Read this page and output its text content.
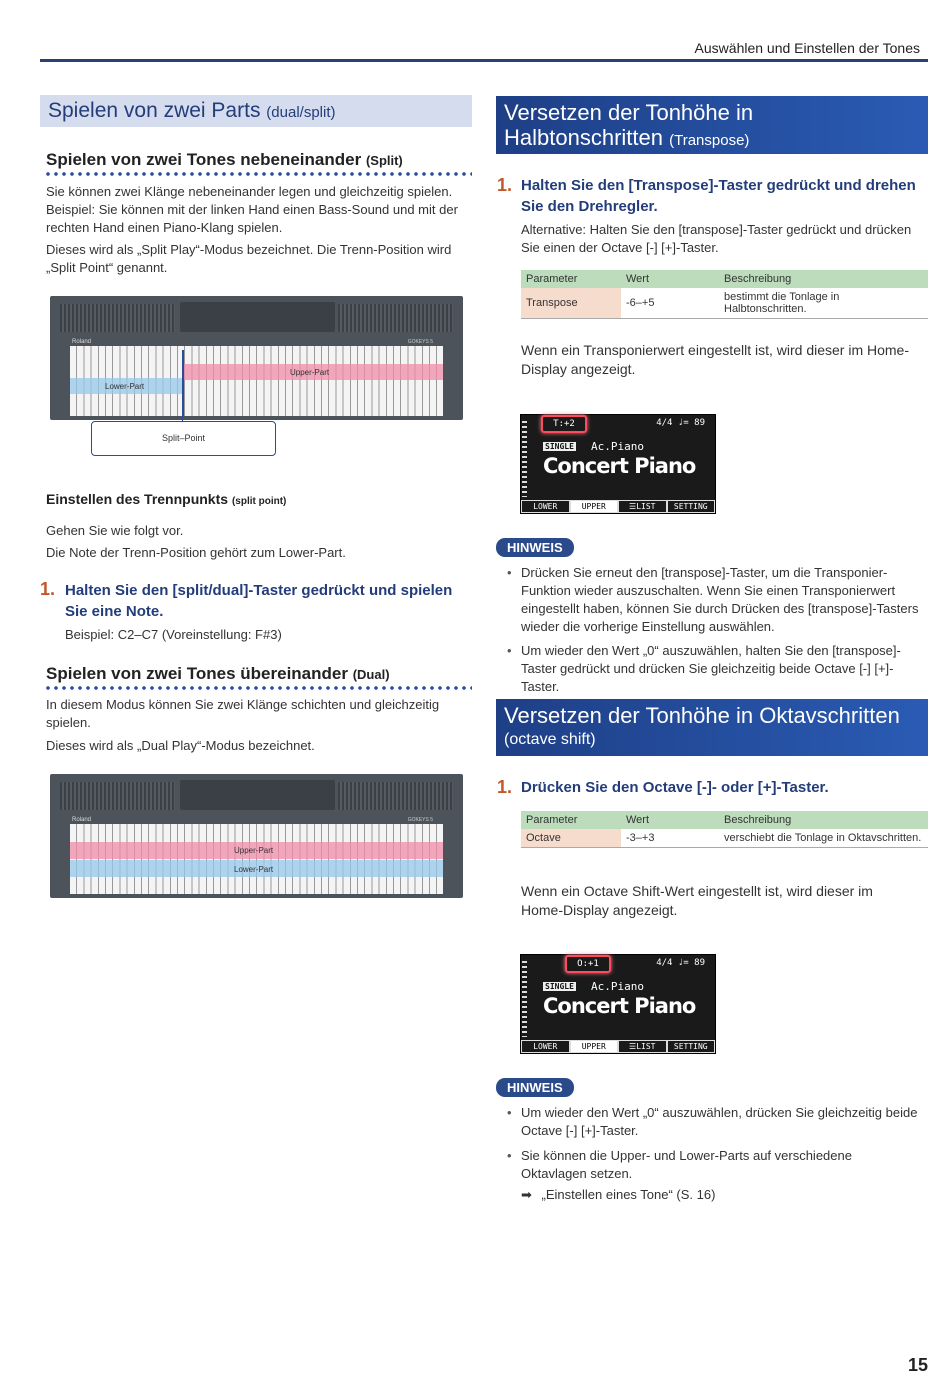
Auswählen und Einstellen der Tones
Spielen von zwei Parts (dual/split)
Spielen von zwei Tones nebeneinander (Split)
Sie können zwei Klänge nebeneinander legen und gleichzeitig spielen. Beispiel: Sie können mit der linken Hand einen Bass-Sound und mit der rechten Hand einen Piano-Klang spielen.
Dieses wird als „Split Play“-Modus bezeichnet. Die Trenn-Position wird „Split Point“ genannt.
Roland	GOKEYS 5
Lower-Part
Upper-Part
Split–Point
Einstellen des Trennpunkts (split point)
Gehen Sie wie folgt vor.
Die Note der Trenn-Position gehört zum Lower-Part.
1. Halten Sie den [split/dual]-Taster gedrückt und spielen Sie eine Note.
Beispiel: C2–C7 (Voreinstellung: F#3)
Spielen von zwei Tones übereinander (Dual)
In diesem Modus können Sie zwei Klänge schichten und gleichzeitig spielen.
Dieses wird als „Dual Play“-Modus bezeichnet.
Roland	GOKEYS 5
Upper-Part
Lower-Part
Versetzen der Tonhöhe in
Halbtonschritten (Transpose)
1. Halten Sie den [Transpose]-Taster gedrückt und drehen Sie den Drehregler.
Alternative: Halten Sie den [transpose]-Taster gedrückt und drücken Sie einen der Octave [-] [+]-Taster.
Parameter	Wert	Beschreibung
Transpose	-6–+5	bestimmt die Tonlage in Halbtonschritten.
Wenn ein Transponierwert eingestellt ist, wird dieser im Home-Display angezeigt.
T:+2	4/4 ♩= 89
SINGLE Ac.Piano
Concert Piano
LOWER	UPPER	☰LIST	SETTING
HINWEIS
• Drücken Sie erneut den [transpose]-Taster, um die Transponier-Funktion wieder auszuschalten. Wenn Sie einen Transponierwert eingestellt haben, können Sie durch Drücken des [transpose]-Tasters wieder die vorherige Einstellung auswählen.
• Um wieder den Wert „0“ auszuwählen, halten Sie den [transpose]-Taster gedrückt und drücken Sie gleichzeitig beide Octave [-] [+]-Taster.
Versetzen der Tonhöhe in Oktavschritten
(octave shift)
1. Drücken Sie den Octave [-]- oder [+]-Taster.
Parameter	Wert	Beschreibung
Octave	-3–+3	verschiebt die Tonlage in Oktavschritten.
Wenn ein Octave Shift-Wert eingestellt ist, wird dieser im Home-Display angezeigt.
O:+1	4/4 ♩= 89
SINGLE Ac.Piano
Concert Piano
LOWER	UPPER	☰LIST	SETTING
HINWEIS
• Um wieder den Wert „0“ auszuwählen, drücken Sie gleichzeitig beide Octave [-] [+]-Taster.
• Sie können die Upper- und Lower-Parts auf verschiedene Oktavlagen setzen.
➡ „Einstellen eines Tone“ (S. 16)
15
